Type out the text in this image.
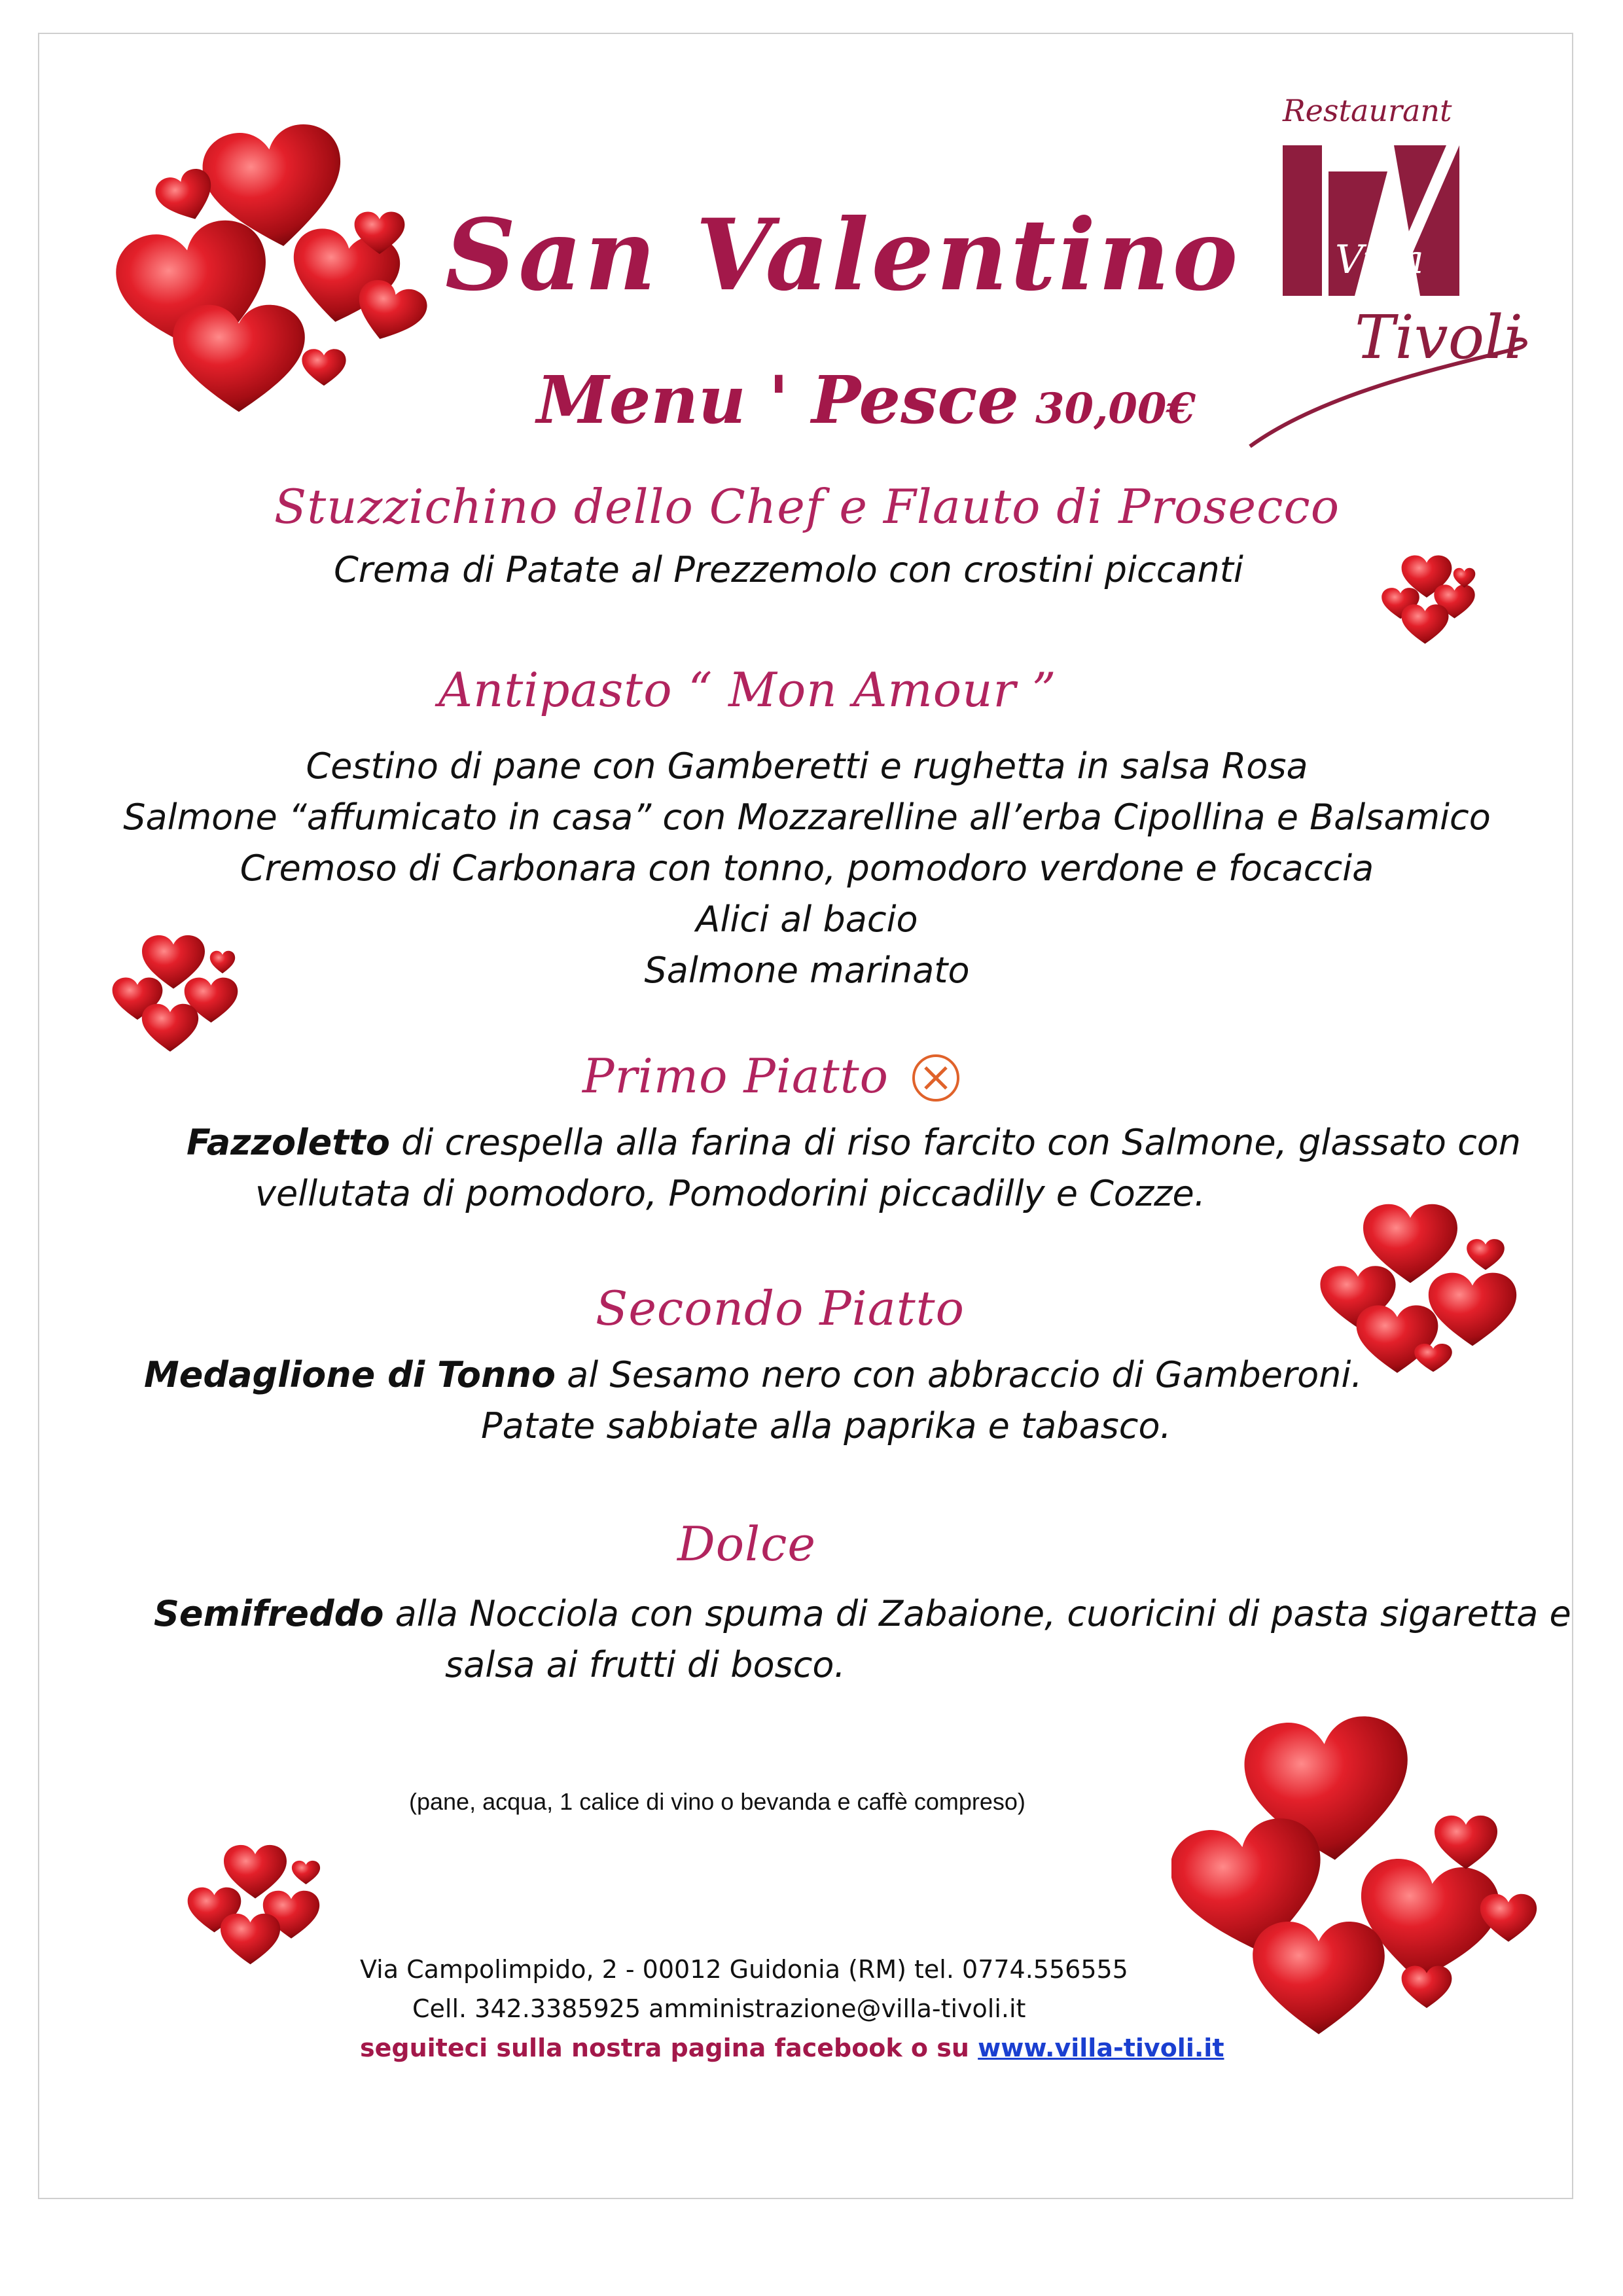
Restaurant
Villa
Tivoli
San Valentino
Menu ' Pesce 30,00€
Stuzzichino dello Chef e Flauto di Prosecco
Crema di Patate al Prezzemolo con crostini piccanti
Antipasto “ Mon Amour ”
Cestino di pane con Gamberetti e rughetta in salsa Rosa
Salmone “affumicato in casa” con Mozzarelline all’erba Cipollina e Balsamico
Cremoso di Carbonara con tonno, pomodoro verdone e focaccia
Alici al bacio
Salmone marinato
Primo Piatto
Fazzoletto di crespella alla farina di riso farcito con Salmone, glassato con
vellutata di pomodoro, Pomodorini piccadilly e Cozze.
Secondo Piatto
Medaglione di Tonno al Sesamo nero con abbraccio di Gamberoni.
Patate sabbiate alla paprika e tabasco.
Dolce
Semifreddo alla Nocciola con spuma di Zabaione, cuoricini di pasta sigaretta e
salsa ai frutti di bosco.
(pane, acqua, 1 calice di vino o bevanda e caffè compreso)
Via Campolimpido, 2 - 00012 Guidonia (RM) tel. 0774.556555
Cell. 342.3385925 amministrazione@villa-tivoli.it
seguiteci sulla nostra pagina facebook o su www.villa-tivoli.it
